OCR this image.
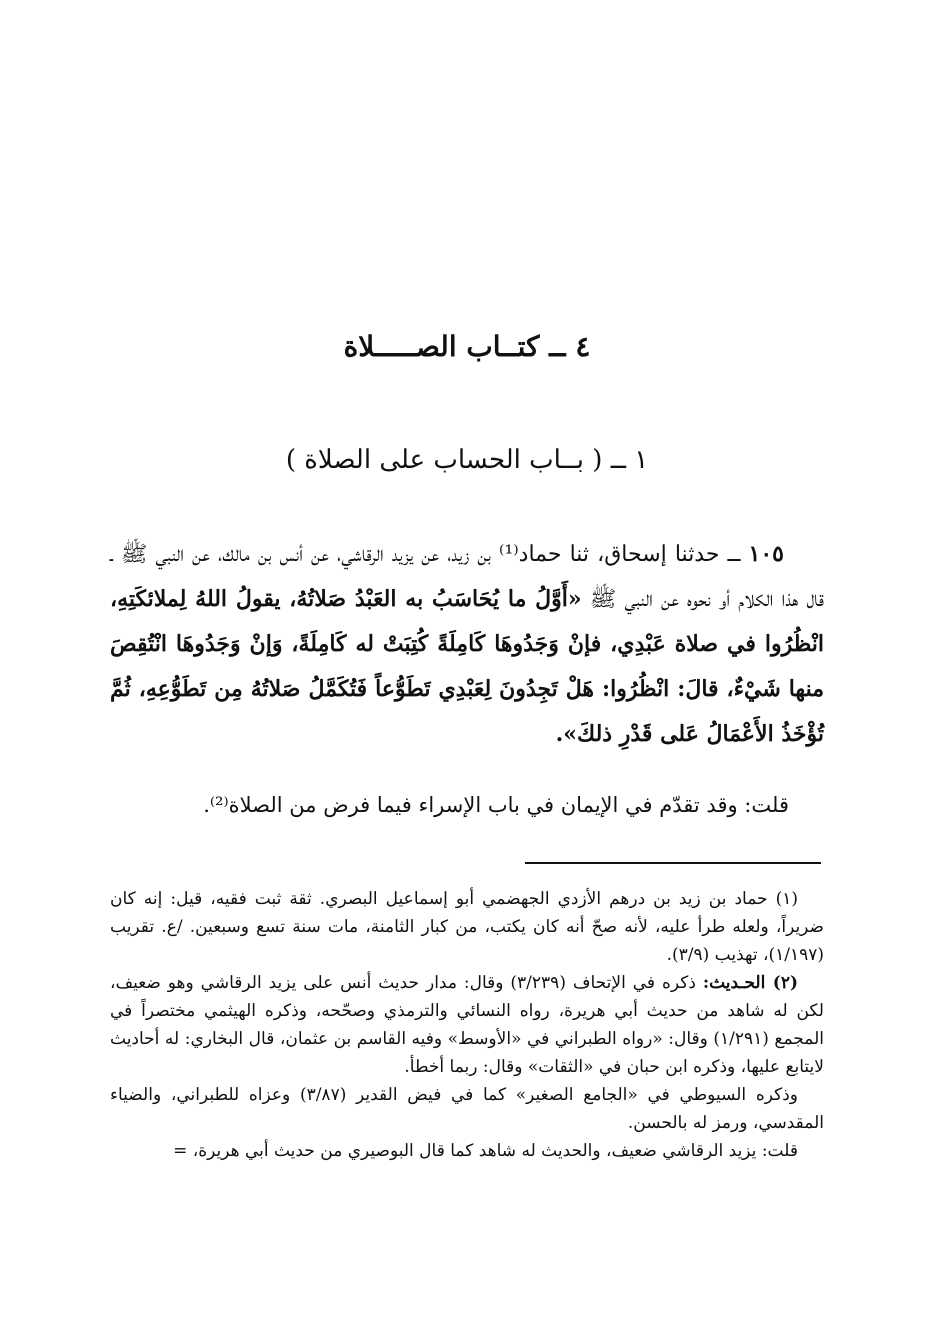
٤ ــ كتــاب الصـــــلاة
١ ــ ( بــاب الحساب على الصلاة )
١٠٥ ــ حدثنا إسحاق، ثنا حماد⁽¹⁾ بن زيد، عن يزيد الرقاشي، عن أنس بن مالك، عن النبي ﷺ ـ قال هذا الكلام أو نحوه عن النبي ﷺ «أَوَّلُ ما يُحَاسَبُ به العَبْدُ صَلاتُهُ، يقولُ اللهُ لِملائكَتِهِ، انْظُرُوا في صلاة عَبْدِي، فإنْ وَجَدُوهَا كَامِلَةً كُتِبَتْ له كَامِلَةً، وَإنْ وَجَدُوهَا انْتُقِصَ منها شَيْءٌ، قالَ: انْظُرُوا: هَلْ تَجِدُونَ لِعَبْدِي تَطَوُّعاً فَتُكَمَّلُ صَلاتُهُ مِن تَطَوُّعِهِ، ثُمَّ تُؤْخَذُ الأَعْمَالُ عَلى قَدْرِ ذلكَ».
قلت: وقد تقدّم في الإيمان في باب الإسراء فيما فرض من الصلاة⁽²⁾.

(١) حماد بن زيد بن درهم الأزدي الجهضمي أبو إسماعيل البصري. ثقة ثبت فقيه، قيل: إنه كان ضريراً، ولعله طرأ عليه، لأنه صحّ أنه كان يكتب، من كبار الثامنة، مات سنة تسع وسبعين. /ع. تقريب (١/١٩٧)، تهذيب (٣/٩).

(٢) الحـديث: ذكره في الإتحاف (٣/٢٣٩) وقال: مدار حديث أنس على يزيد الرقاشي وهو ضعيف، لكن له شاهد من حديث أبي هريرة، رواه النسائي والترمذي وصحّحه، وذكره الهيثمي مختصراً في المجمع (١/٢٩١) وقال: «رواه الطبراني في «الأوسط» وفيه القاسم بن عثمان، قال البخاري: له أحاديث لايتابع عليها، وذكره ابن حبان في «الثقات» وقال: ربما أخطأ.

وذكره السيوطي في «الجامع الصغير» كما في فيض القدير (٣/٨٧) وعزاه للطبراني، والضياء المقدسي، ورمز له بالحسن.

قلت: يزيد الرقاشي ضعيف، والحديث له شاهد كما قال البوصيري من حديث أبي هريرة، =
